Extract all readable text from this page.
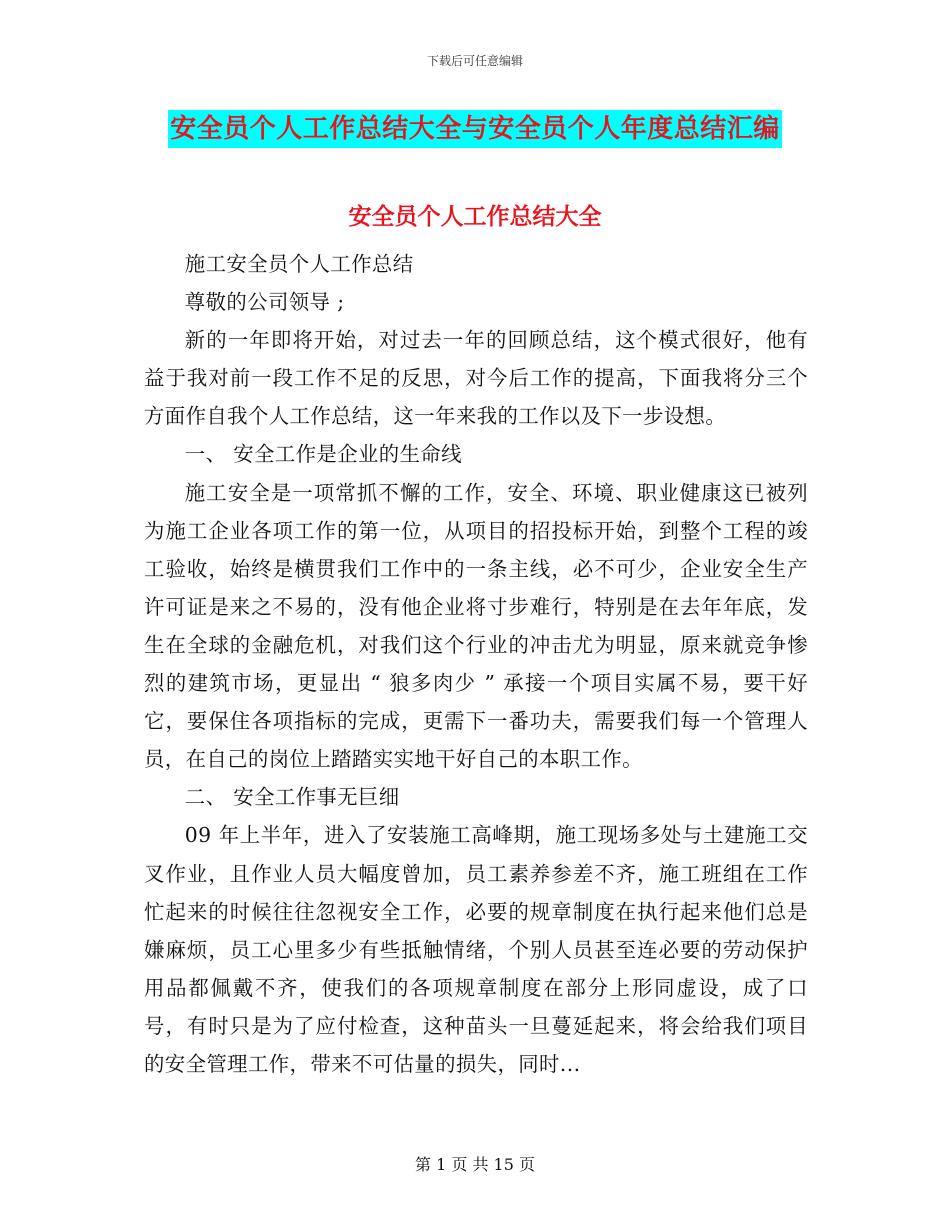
下载后可任意编辑
安全员个人工作总结大全与安全员个人年度总结汇编
安全员个人工作总结大全

施工安全员个人工作总结

尊敬的公司领导 ;

新的一年即将开始，对过去一年的回顾总结，这个模式很好，他有益于我对前一段工作不足的反思，对今后工作的提高，下面我将分三个方面作自我个人工作总结，这一年来我的工作以及下一步设想。

一、 安全工作是企业的生命线

施工安全是一项常抓不懈的工作，安全、环境、职业健康这已被列为施工企业各项工作的第一位，从项目的招投标开始，到整个工程的竣工验收，始终是横贯我们工作中的一条主线，必不可少，企业安全生产许可证是来之不易的，没有他企业将寸步难行，特别是在去年年底，发生在全球的金融危机，对我们这个行业的冲击尤为明显，原来就竞争惨烈的建筑市场，更显出 “ 狼多肉少 ” 承接一个项目实属不易，要干好它，要保住各项指标的完成，更需下一番功夫，需要我们每一个管理人员，在自己的岗位上踏踏实实地干好自己的本职工作。

二、 安全工作事无巨细

09 年上半年，进入了安装施工高峰期，施工现场多处与土建施工交叉作业，且作业人员大幅度曾加，员工素养参差不齐，施工班组在工作忙起来的时候往往忽视安全工作，必要的规章制度在执行起来他们总是嫌麻烦，员工心里多少有些抵触情绪，个别人员甚至连必要的劳动保护用品都佩戴不齐，使我们的各项规章制度在部分上形同虚设，成了口号，有时只是为了应付检查，这种苗头一旦蔓延起来，将会给我们项目的安全管理工作，带来不可估量的损失，同时...

第 1 页 共 15 页
